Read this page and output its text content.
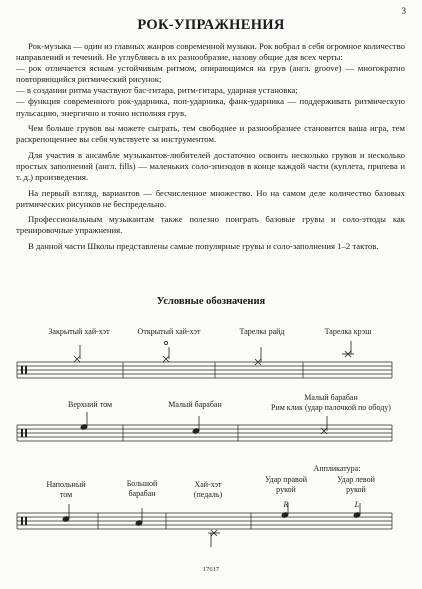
3
РОК-УПРАЖНЕНИЯ

Рок-музыка — один из главных жанров современной музыки. Рок вобрал в себя огромное количество направлений и течений. Не углубляясь в их разнообразие, назову общие для всех черты:

— рок отличается ясным устойчивым ритмом, опирающимся на грув (англ. groove) — многократно повторяющийся ритмический рисунок;

— в создании ритма участвуют бас-гитара, ритм-гитара, ударная установка;

— функция современного рок-ударника, поп-ударника, фанк-ударника — поддерживать ритмическую пульсацию, энергично и точно исполняя грув.

Чем больше грувов вы можете сыграть, тем свободнее и разнообразнее становится ваша игра, тем раскрепощеннее вы себя чувствуете за инструментом.

Для участия в ансамбле музыкантов-любителей достаточно освоить несколько грувов и несколько простых заполнений (англ. fills) — маленьких соло-эпизодов в конце каждой части (куплета, припева и т. д.) произведения.

На первый взгляд, вариантов — бесчисленное множество. Но на самом деле количество базовых ритмических рисунков не беспредельно.

Профессиональным музыкантам также полезно поиграть базовые грувы и соло-этюды как тренировочные упражнения.

В данной части Школы представлены самые популярные грувы и соло-заполнения 1–2 тактов.

Условные обозначения
Закрытый хай-хэт	Открытый хай-хэт	Тарелка райд	Тарелка крэш
Верхний том	Малый барабан
Малый барабан
Рим клик (удар палочкой по ободу)
Аппликатура:
Напольный
том
Большой
барабан
Хай-хэт
(педаль)
Удар правой
рукой
Удар левой
рукой
R	L
17617
